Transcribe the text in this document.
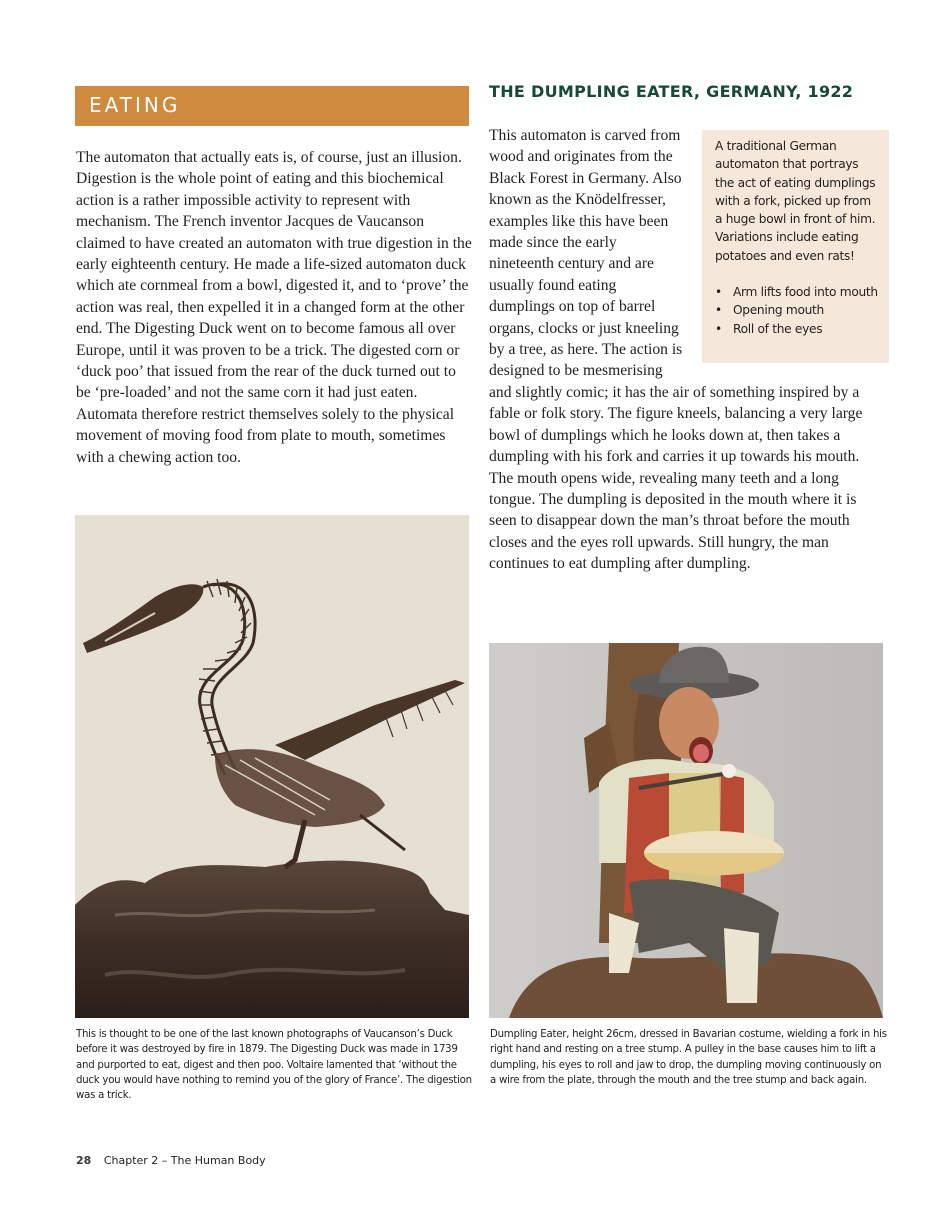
EATING

The automaton that actually eats is, of course, just an illusion. Digestion is the whole point of eating and this biochemical action is a rather impossible activity to represent with mechanism. The French inventor Jacques de Vaucanson claimed to have created an automaton with true digestion in the early eighteenth century. He made a life-sized automaton duck which ate cornmeal from a bowl, digested it, and to ‘prove’ the action was real, then expelled it in a changed form at the other end. The Digesting Duck went on to become famous all over Europe, until it was proven to be a trick. The digested corn or ‘duck poo’ that issued from the rear of the duck turned out to be ‘pre-loaded’ and not the same corn it had just eaten. Automata therefore restrict themselves solely to the physical movement of moving food from plate to mouth, sometimes with a chewing action too.

This is thought to be one of the last known photographs of Vaucanson’s Duck before it was destroyed by fire in 1879. The Digesting Duck was made in 1739 and purported to eat, digest and then poo. Voltaire lamented that ‘without the duck you would have nothing to remind you of the glory of France’. The digestion was a trick.
THE DUMPLING EATER, GERMANY, 1922

A traditional German automaton that portrays the act of eating dumplings with a fork, picked up from a huge bowl in front of him. Variations include eating potatoes and even rats!

• Arm lifts food into mouth
• Opening mouth
• Roll of the eyes

This automaton is carved from wood and originates from the Black Forest in Germany. Also known as the Knödelfresser, examples like this have been made since the early nineteenth century and are usually found eating dumplings on top of barrel organs, clocks or just kneeling by a tree, as here. The action is designed to be mesmerising and slightly comic; it has the air of something inspired by a fable or folk story. The figure kneels, balancing a very large bowl of dumplings which he looks down at, then takes a dumpling with his fork and carries it up towards his mouth. The mouth opens wide, revealing many teeth and a long tongue. The dumpling is deposited in the mouth where it is seen to disappear down the man’s throat before the mouth closes and the eyes roll upwards. Still hungry, the man continues to eat dumpling after dumpling.

Dumpling Eater, height 26cm, dressed in Bavarian costume, wielding a fork in his right hand and resting on a tree stump. A pulley in the base causes him to lift a dumpling, his eyes to roll and jaw to drop, the dumpling moving continuously on a wire from the plate, through the mouth and the tree stump and back again.
28 Chapter 2 – The Human Body
